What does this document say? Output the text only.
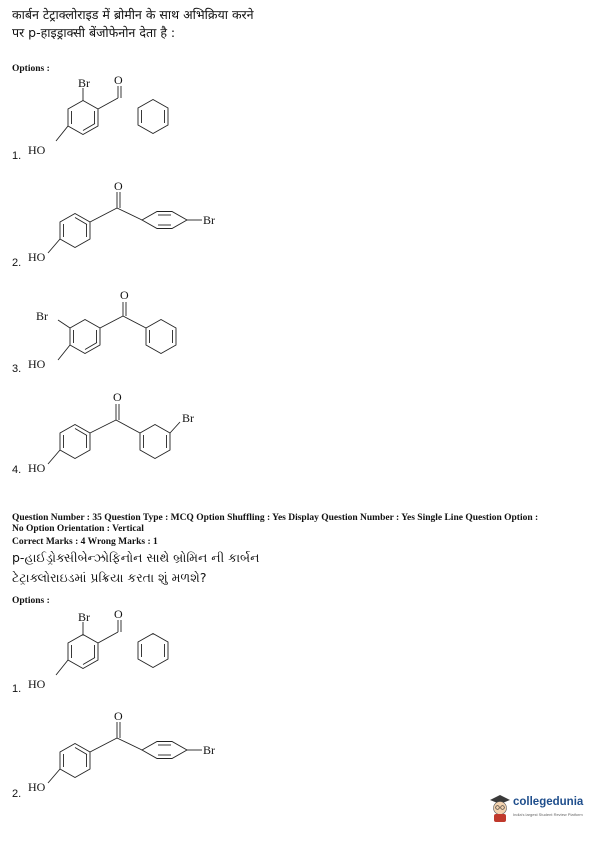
कार्बन टेट्राक्लोराइड में ब्रोमीन के साथ अभिक्रिया करने
पर p-हाइड्राक्सी बेंजोफेनोन देता है :
Options :
1.
Br O
HO
2.
O
Br
HO
3.
O
Br
HO
4.
O
Br
HO
Question Number : 35 Question Type : MCQ Option Shuffling : Yes Display Question Number : Yes Single Line Question Option :
No Option Orientation : Vertical
Correct Marks : 4 Wrong Marks : 1
p-હાઈડ્રોક્સીબેન્ઝોફિનોન સાથે બ્રોમિન ની કાર્બન
ટેટ્રાક્લોરાઇડમાં પ્રક્રિયા કરતા શું મળશે?
Options :
1.
Br O
HO
2.
O
Br
HO
collegedunia
India's largest Student Review Platform
